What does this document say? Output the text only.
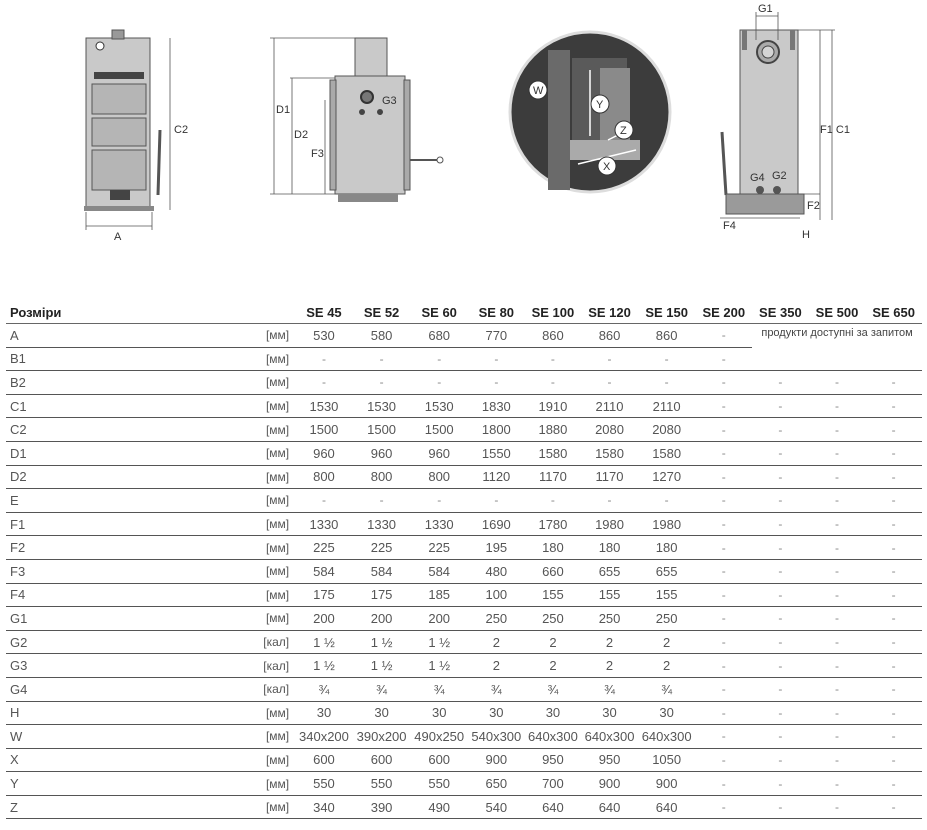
C2
A
D1
D2
F3
G3
W
Y
Z
X
G1
F1 C1
G4 G2
F2
F4
H
Розміри		SE 45	SE 52	SE 60	SE 80	SE 100	SE 120	SE 150	SE 200	SE 350	SE 500	SE 650
A	[мм]	530	580	680	770	860	860	860	-	продукти доступні за запитом		
B1	[мм]	-	-	-	-	-	-	-	-			
B2	[мм]	-	-	-	-	-	-	-	-	-	-	-
C1	[мм]	1530	1530	1530	1830	1910	2110	2110	-	-	-	-
C2	[мм]	1500	1500	1500	1800	1880	2080	2080	-	-	-	-
D1	[мм]	960	960	960	1550	1580	1580	1580	-	-	-	-
D2	[мм]	800	800	800	1120	1170	1170	1270	-	-	-	-
E	[мм]	-	-	-	-	-	-	-	-	-	-	-
F1	[мм]	1330	1330	1330	1690	1780	1980	1980	-	-	-	-
F2	[мм]	225	225	225	195	180	180	180	-	-	-	-
F3	[мм]	584	584	584	480	660	655	655	-	-	-	-
F4	[мм]	175	175	185	100	155	155	155	-	-	-	-
G1	[мм]	200	200	200	250	250	250	250	-	-	-	-
G2	[кал]	1 ½	1 ½	1 ½	2	2	2	2	-	-	-	-
G3	[кал]	1 ½	1 ½	1 ½	2	2	2	2	-	-	-	-
G4	[кал]	¾	¾	¾	¾	¾	¾	¾	-	-	-	-
H	[мм]	30	30	30	30	30	30	30	-	-	-	-
W	[мм]	340x200	390x200	490x250	540x300	640x300	640x300	640x300	-	-	-	-
X	[мм]	600	600	600	900	950	950	1050	-	-	-	-
Y	[мм]	550	550	550	650	700	900	900	-	-	-	-
Z	[мм]	340	390	490	540	640	640	640	-	-	-	-
